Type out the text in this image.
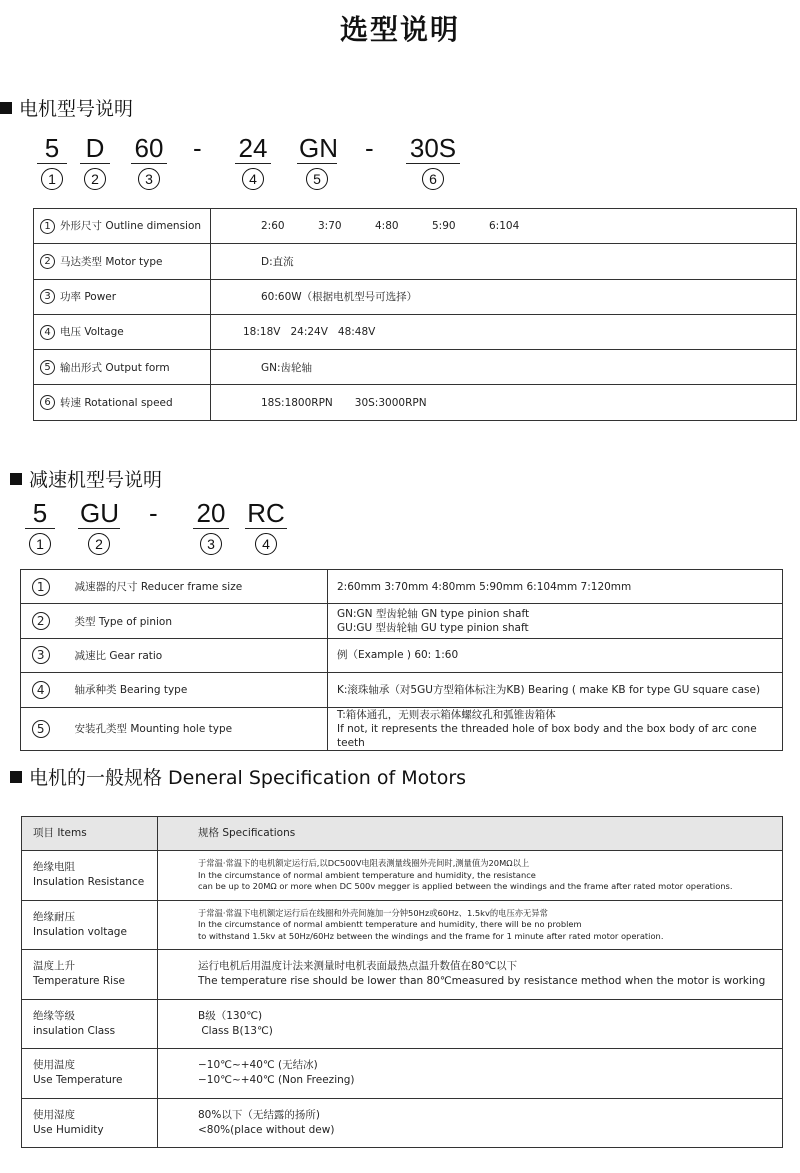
选型说明
电机型号说明
5
1
D
2
60
3
- 24
4
GN
5
- 30S
6
1 外形尺寸 Outline dimension	2:60 3:70 4:80 5:90 6:104
2 马达类型 Motor type	D:直流
3 功率 Power	60:60W（根据电机型号可选择）
4 电压 Voltage	18:18V   24:24V   48:48V
5 输出形式 Output form	GN:齿轮轴
6 转速 Rotational speed	18S:1800RPN 30S:3000RPN
减速机型号说明
5
1
GU
2
- 20
3
RC
4
1	减速器的尺寸 Reducer frame size	2:60mm 3:70mm 4:80mm 5:90mm 6:104mm 7:120mm
2	类型 Type of pinion	GN:GN 型齿轮轴 GN type pinion shaft
GU:GU 型齿轮轴 GU type pinion shaft

3	减速比 Gear ratio	例（Example ) 60: 1:60
4	轴承种类 Bearing type	K:滚珠轴承（对5GU方型箱体标注为KB) Bearing ( make KB for type GU square case)
5	安装孔类型 Mounting hole type	T:箱体通孔，无则表示箱体螺纹孔和弧锥齿箱体
If not, it represents the threaded hole of box body and the box body of arc cone teeth
电机的一般规格 Deneral Specification of Motors
项目 Items	规格 Specifications

绝缘电阻
Insulation Resistance	于常温·常温下的电机额定运行后,以DC500V电阻表测量线圈外壳间时,测量值为20MΩ以上
In the circumstance of normal ambient temperature and humidity, the resistance
can be up to 20MΩ or more when DC 500v megger is applied between the windings and the frame after rated motor operations.

绝缘耐压
Insulation voltage	于常温·常温下电机额定运行后在线圈和外壳间施加一分钟50Hz或60Hz、1.5kv的电压亦无异常
In the circumstance of normal ambientt temperature and humidity, there will be no problem
to withstand 1.5kv at 50Hz/60Hz between the windings and the frame for 1 minute after rated motor operation.

温度上升
Temperature Rise	运行电机后用温度计法来测量时电机表面最热点温升数值在80℃以下
The temperature rise should be lower than 80℃measured by resistance method when the motor is working

绝缘等级
insulation Class	B级（130℃)
Class B(13℃)

使用温度
Use Temperature	−10℃~+40℃ (无结冰)
−10℃~+40℃ (Non Freezing)

使用湿度
Use Humidity	80%以下（无结露的扬所)
<80%(place without dew)
